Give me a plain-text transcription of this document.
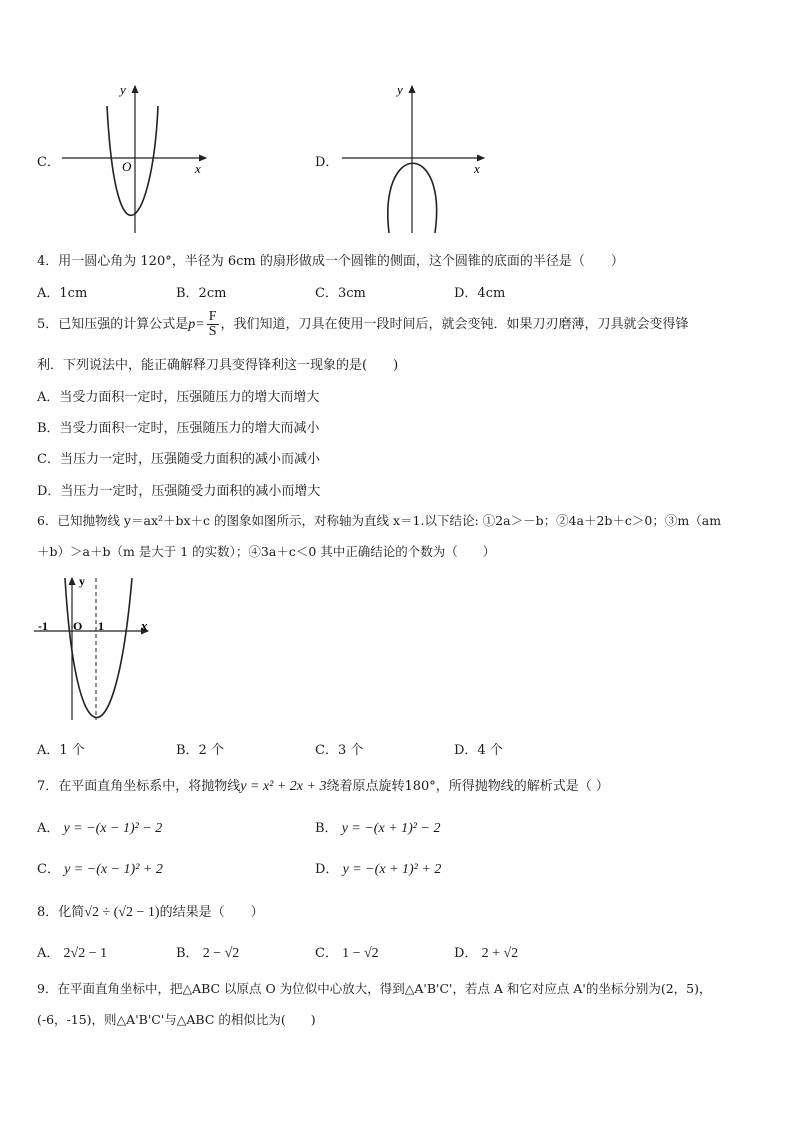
C．	x
y
O	D．	x
y
4．用一圆心角为 120°，半径为 6cm 的扇形做成一个圆锥的侧面，这个圆锥的底面的半径是（　　）
A．1cm	B．2cm	C．3cm	D．4cm
5．已知压强的计算公式是$p= \frac{F}{S}$ ，我们知道，刀具在使用一段时间后，就会变钝．如果刀刃磨薄，刀具就会变得锋
利．下列说法中，能正确解释刀具变得锋利这一现象的是(　　)
A．当受力面积一定时，压强随压力的增大而增大
B．当受力面积一定时，压强随压力的增大而减小
C．当压力一定时，压强随受力面积的减小而减小
D．当压力一定时，压强随受力面积的减小而增大
6．已知抛物线 y＝ax²＋bx＋c 的图象如图所示，对称轴为直线 x＝1.以下结论: ①2a＞－b；②4a＋2b＋c＞0；③m（am
＋b）＞a＋b（m 是大于 1 的实数）；④3a＋c＜0 其中正确结论的个数为（　　）
x
y
O
-1	1
A．1 个	B．2 个	C．3 个	D．4 个
7．在平面直角坐标系中，将抛物线y = x² + 2x + 3绕着原点旋转180°，所得抛物线的解析式是（ ）
A． y = −(x − 1)² − 2	B． y = −(x + 1)² − 2
C． y = −(x − 1)² + 2	D． y = −(x + 1)² + 2
8．化简√2 ÷ (√2 − 1)的结果是（　　）
A． 2√2 − 1	B． 2 − √2	C． 1 − √2	D． 2 + √2
9．在平面直角坐标中，把△ABC 以原点 O 为位似中心放大，得到△A'B'C'，若点 A 和它对应点 A'的坐标分别为(2，5)，
(-6，-15)，则△A'B'C'与△ABC 的相似比为(　　)
